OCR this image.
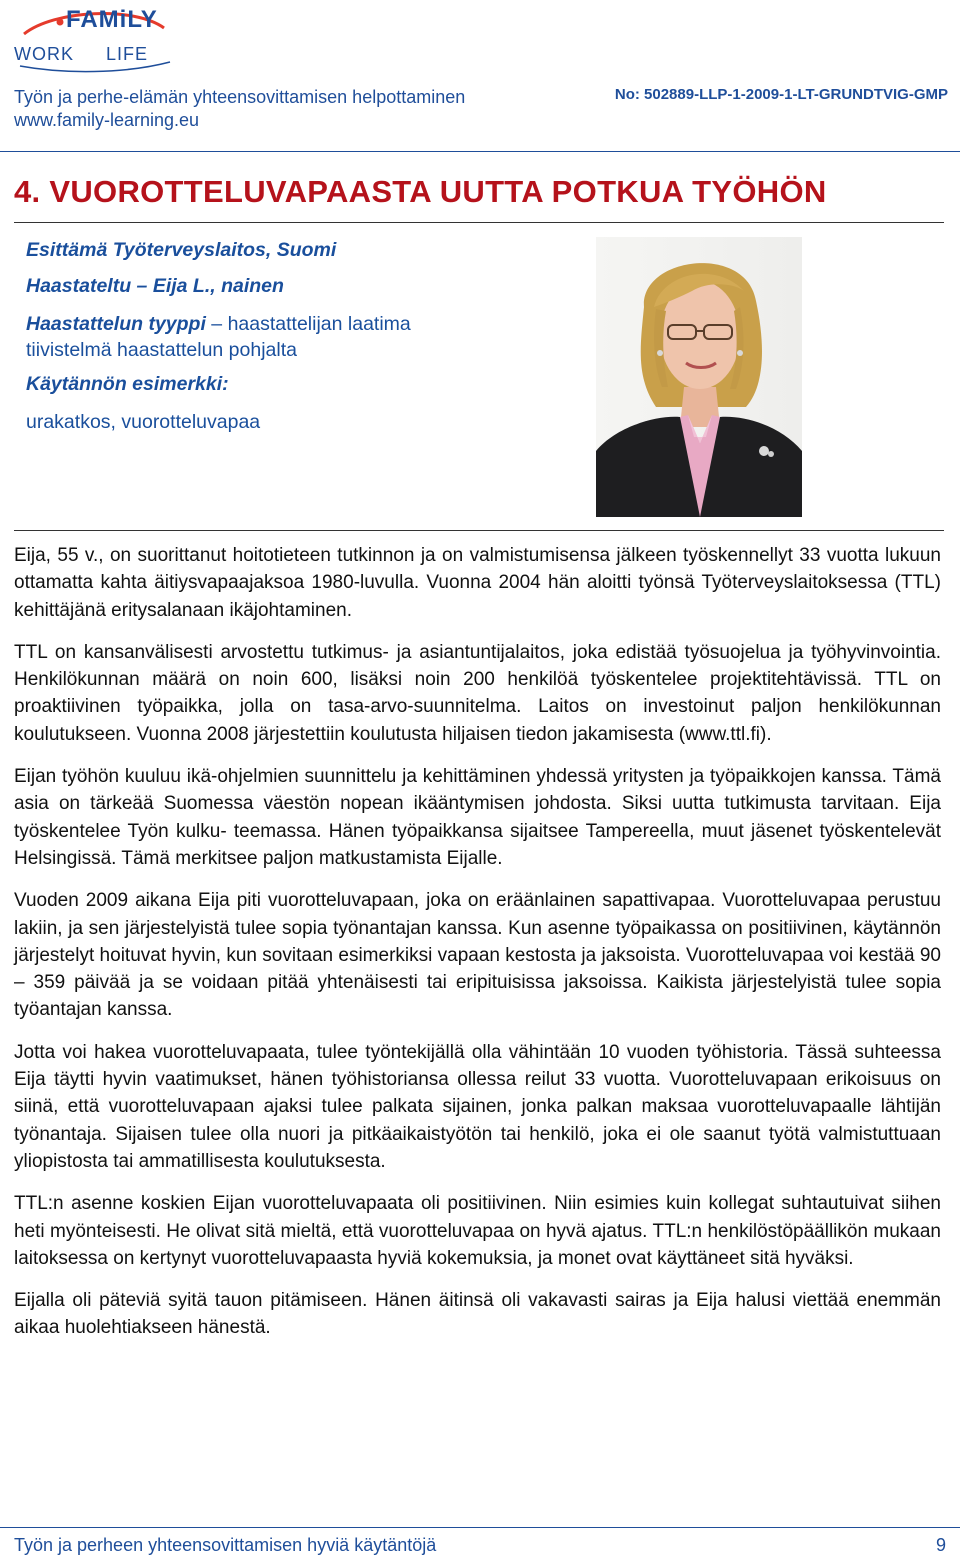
FAMiLY
WORK LIFE
Työn ja perhe-elämän yhteensovittamisen helpottaminen
www.family-learning.eu
No: 502889-LLP-1-2009-1-LT-GRUNDTVIG-GMP
4. VUOROTTELUVAPAASTA UUTTA POTKUA TYÖHÖN
Esittämä Työterveyslaitos, Suomi
Haastateltu – Eija L., nainen
Haastattelun tyyppi – haastattelijan laatima
tiivistelmä haastattelun pohjalta
Käytännön esimerkki:
urakatkos, vuorotteluvapaa

Eija, 55 v., on suorittanut hoitotieteen tutkinnon ja on valmistumisensa jälkeen työskennellyt 33 vuotta lukuun ottamatta kahta äitiysvapaajaksoa 1980-luvulla. Vuonna 2004 hän aloitti työnsä Työterveyslaitoksessa (TTL) kehittäjänä eritysalanaan ikäjohtaminen.

TTL on kansanvälisesti arvostettu tutkimus- ja asiantuntijalaitos, joka edistää työsuojelua ja työhyvinvointia. Henkilökunnan määrä on noin 600, lisäksi noin 200 henkilöä työskentelee projektitehtävissä. TTL on proaktiivinen työpaikka, jolla on tasa-arvo-suunnitelma. Laitos on investoinut paljon henkilökunnan koulutukseen. Vuonna 2008 järjestettiin koulutusta hiljaisen tiedon jakamisesta (www.ttl.fi).

Eijan työhön kuuluu ikä-ohjelmien suunnittelu ja kehittäminen yhdessä yritysten ja työpaikkojen kanssa. Tämä asia on tärkeää Suomessa väestön nopean ikääntymisen johdosta. Siksi uutta tutkimusta tarvitaan. Eija työskentelee Työn kulku- teemassa. Hänen työpaikkansa sijaitsee Tampereella, muut jäsenet työskentelevät Helsingissä. Tämä merkitsee paljon matkustamista Eijalle.

Vuoden 2009 aikana Eija piti vuorotteluvapaan, joka on eräänlainen sapattivapaa. Vuorotteluvapaa perustuu lakiin, ja sen järjestelyistä tulee sopia työnantajan kanssa. Kun asenne työpaikassa on positiivinen, käytännön järjestelyt hoituvat hyvin, kun sovitaan esimerkiksi vapaan kestosta ja jaksoista. Vuorotteluvapaa voi kestää 90 – 359 päivää ja se voidaan pitää yhtenäisesti tai eripituisissa jaksoissa. Kaikista järjestelyistä tulee sopia työantajan kanssa.

Jotta voi hakea vuorotteluvapaata, tulee työntekijällä olla vähintään 10 vuoden työhistoria. Tässä suhteessa Eija täytti hyvin vaatimukset, hänen työhistoriansa ollessa reilut 33 vuotta. Vuorotteluvapaan erikoisuus on siinä, että vuorotteluvapaan ajaksi tulee palkata sijainen, jonka palkan maksaa vuorotteluvapaalle lähtijän työnantaja. Sijaisen tulee olla nuori ja pitkäaikaistyötön tai henkilö, joka ei ole saanut työtä valmistuttuaan yliopistosta tai ammatillisesta koulutuksesta.

TTL:n asenne koskien Eijan vuorotteluvapaata oli positiivinen. Niin esimies kuin kollegat suhtautuivat siihen heti myönteisesti. He olivat sitä mieltä, että vuorotteluvapaa on hyvä ajatus. TTL:n henkilöstöpäällikön mukaan laitoksessa on kertynyt vuorotteluvapaasta hyviä kokemuksia, ja monet ovat käyttäneet sitä hyväksi.

Eijalla oli päteviä syitä tauon pitämiseen. Hänen äitinsä oli vakavasti sairas ja Eija halusi viettää enemmän aikaa huolehtiakseen hänestä.

Työn ja perheen yhteensovittamisen hyviä käytäntöjä	9
